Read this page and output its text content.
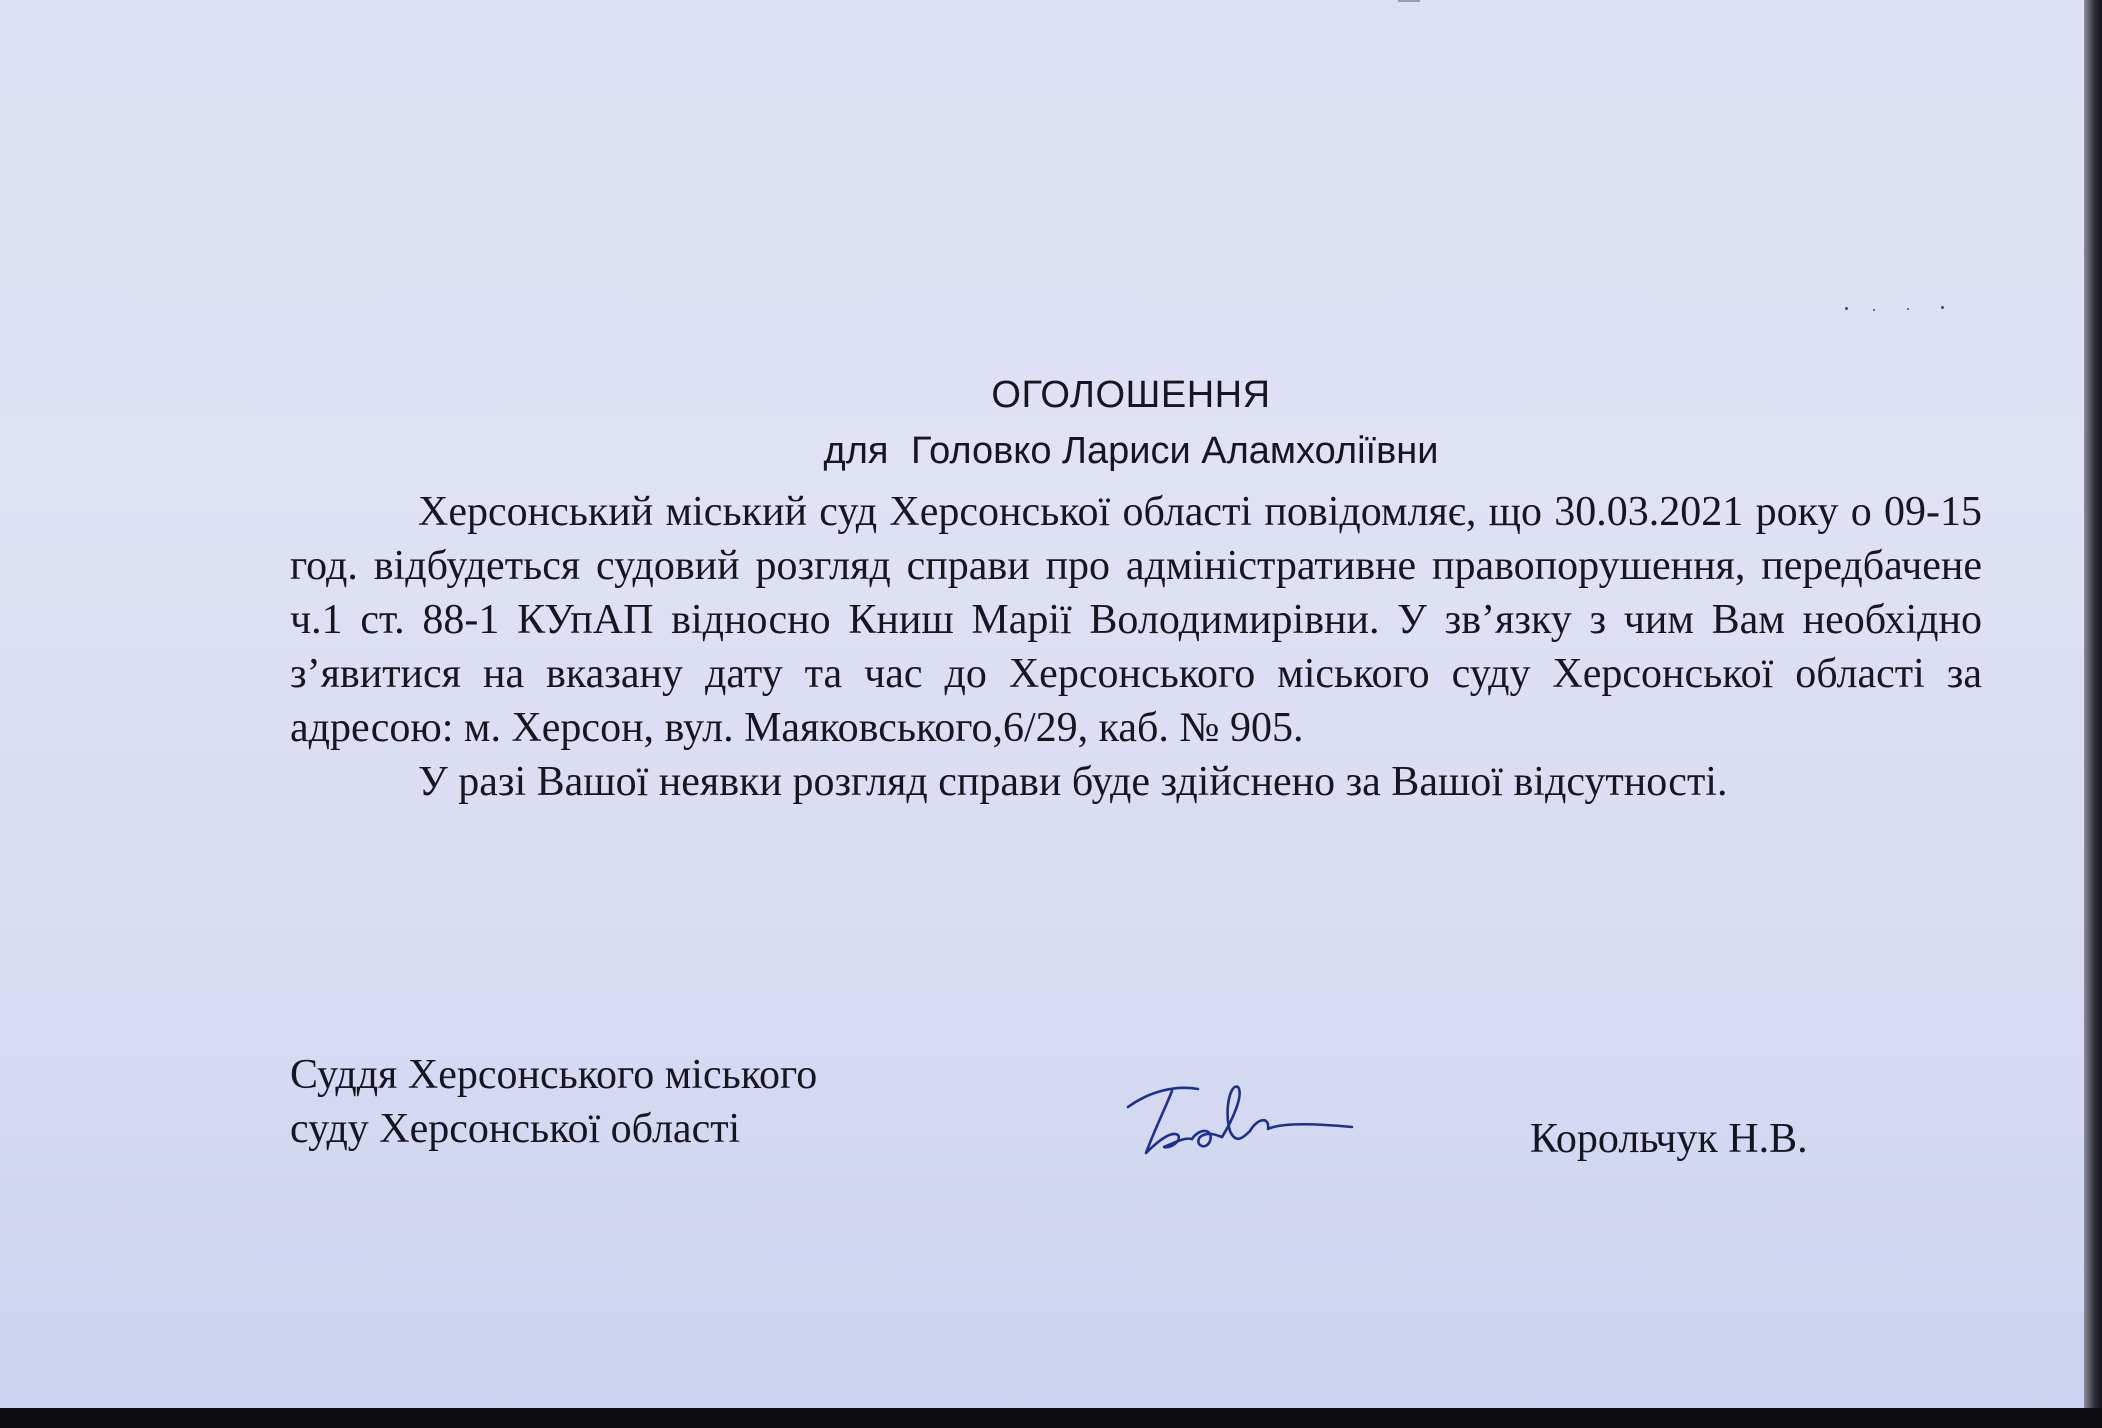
ОГОЛОШЕННЯ
для Головко Лариси Аламхоліївни

Херсонський міський суд Херсонської області повідомляє, що 30.03.2021 року о 09-15 год. відбудеться судовий розгляд справи про адміністративне правопорушення, передбачене ч.1 ст. 88-1 КУпАП відносно Книш Марії Володимирівни. У зв’язку з чим Вам необхідно з’явитися на вказану дату та час до Херсонського міського суду Херсонської області за адресою: м. Херсон, вул. Маяковського,6/29, каб. № 905.

У разі Вашої неявки розгляд справи буде здійснено за Вашої відсутності.

Суддя Херсонського міського
суду Херсонської області	Корольчук Н.В.
